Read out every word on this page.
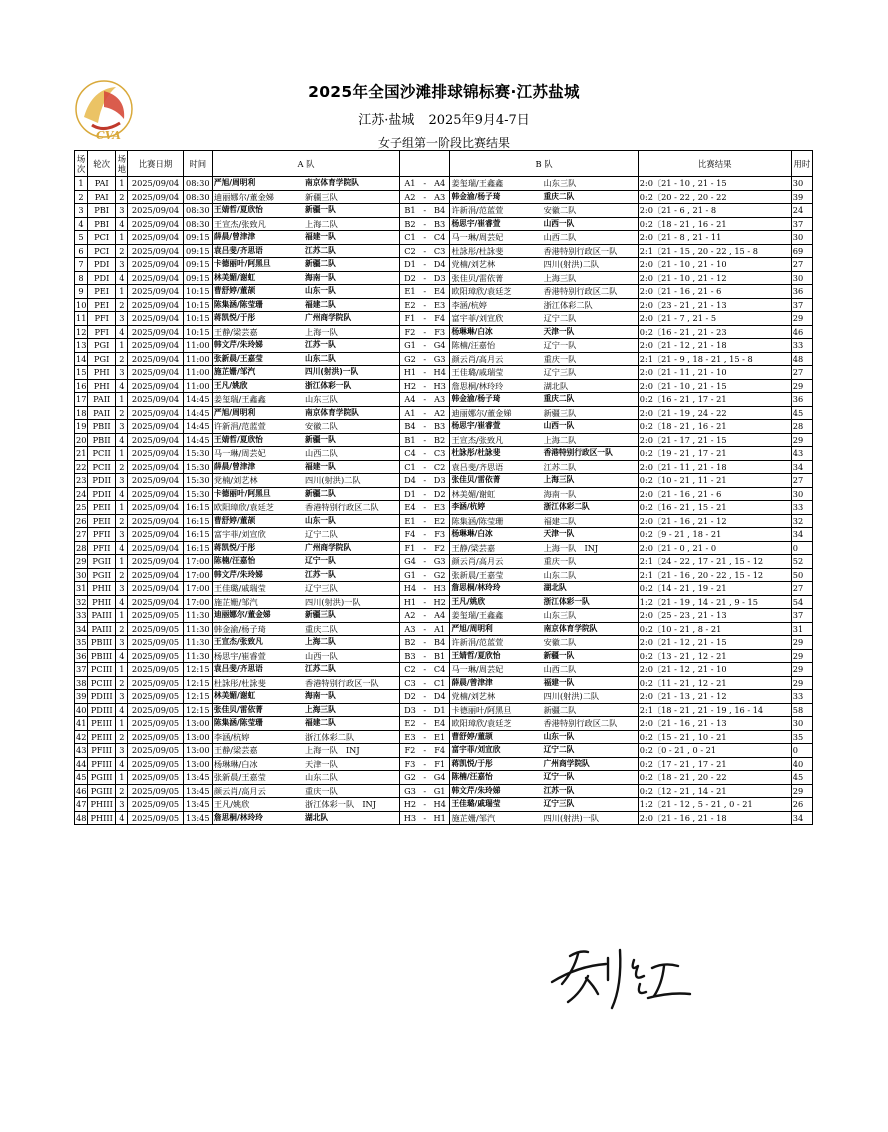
CVA
2025年全国沙滩排球锦标赛·江苏盐城
江苏·盐城 2025年9月4-7日
女子组第一阶段比赛结果
场次	轮次	场地	比赛日期	时间	A 队					B 队		比赛结果	用时
1	PAI	1	2025/09/04	08:30	严旭/周明利	南京体育学院队	A1	-	A4	姜玺瑞/王鑫鑫	山东三队	2:0〔21 - 10 , 21 - 15	30
2	PAI	2	2025/09/04	08:30	迪丽娜尔/董金娣	新疆三队	A2	-	A3	韩金渝/杨子琦	重庆二队	0:2〔20 - 22 , 20 - 22	39
3	PBI	3	2025/09/04	08:30	王婧哲/夏欣怡	新疆一队	B1	-	B4	许新涓/范蓝萱	安徽二队	2:0〔21 - 6 , 21 - 8	24
4	PBI	4	2025/09/04	08:30	王宣杰/张致凡	上海二队	B2	-	B3	杨思宇/崔睿萱	山西一队	0:2〔18 - 21 , 16 - 21	37
5	PCI	1	2025/09/04	09:15	薛晨/曾津津	福建一队	C1	-	C4	马一琳/周芸妃	山西二队	2:0〔21 - 8 , 21 - 11	30
6	PCI	2	2025/09/04	09:15	袁吕斐/齐思语	江苏二队	C2	-	C3	杜詠彤/杜詠斐	香港特别行政区一队	2:1〔21 - 15 , 20 - 22 , 15 - 8	69
7	PDI	3	2025/09/04	09:15	卡德丽叶/阿黑旦	新疆二队	D1	-	D4	党楠/刘艺林	四川(射洪)二队	2:0〔21 - 10 , 21 - 10	27
8	PDI	4	2025/09/04	09:15	林美媚/谢虹	海南一队	D2	-	D3	张佳贝/雷依菁	上海三队	2:0〔21 - 10 , 21 - 12	30
9	PEI	1	2025/09/04	10:15	曹舒婷/董颉	山东一队	E1	-	E4	欧阳璋欣/袁廷芝	香港特别行政区二队	2:0〔21 - 16 , 21 - 6	36
10	PEI	2	2025/09/04	10:15	陈集涵/陈莹珊	福建二队	E2	-	E3	李涵/杭婷	浙江体彩二队	2:0〔23 - 21 , 21 - 13	37
11	PFI	3	2025/09/04	10:15	蒋凯悦/于彤	广州商学院队	F1	-	F4	富宇菲/刘宣欣	辽宁二队	2:0〔21 - 7 , 21 - 5	29
12	PFI	4	2025/09/04	10:15	王静/梁芸嘉	上海一队	F2	-	F3	杨琳琳/白冰	天津一队	0:2〔16 - 21 , 21 - 23	46
13	PGI	1	2025/09/04	11:00	韩文芹/朱玲娣	江苏一队	G1	-	G4	陈楠/汪嘉怡	辽宁一队	2:0〔21 - 12 , 21 - 18	33
14	PGI	2	2025/09/04	11:00	张新晨/王嘉莹	山东二队	G2	-	G3	颜云肖/高月云	重庆一队	2:1〔21 - 9 , 18 - 21 , 15 - 8	48
15	PHI	3	2025/09/04	11:00	施芷姗/邹汽	四川(射洪)一队	H1	-	H4	王佳璐/戚瑞莹	辽宁三队	2:0〔21 - 11 , 21 - 10	27
16	PHI	4	2025/09/04	11:00	王凡/姚欣	浙江体彩一队	H2	-	H3	詹思桐/林玲玲	湖北队	2:0〔21 - 10 , 21 - 15	29
17	PAII	1	2025/09/04	14:45	姜玺瑞/王鑫鑫	山东三队	A4	-	A3	韩金渝/杨子琦	重庆二队	0:2〔16 - 21 , 17 - 21	36
18	PAII	2	2025/09/04	14:45	严旭/周明利	南京体育学院队	A1	-	A2	迪丽娜尔/董金娣	新疆三队	2:0〔21 - 19 , 24 - 22	45
19	PBII	3	2025/09/04	14:45	许新涓/范蓝萱	安徽二队	B4	-	B3	杨思宇/崔睿萱	山西一队	0:2〔18 - 21 , 16 - 21	28
20	PBII	4	2025/09/04	14:45	王婧哲/夏欣怡	新疆一队	B1	-	B2	王宣杰/张致凡	上海二队	2:0〔21 - 17 , 21 - 15	29
21	PCII	1	2025/09/04	15:30	马一琳/周芸妃	山西二队	C4	-	C3	杜詠彤/杜詠斐	香港特别行政区一队	0:2〔19 - 21 , 17 - 21	43
22	PCII	2	2025/09/04	15:30	薛晨/曾津津	福建一队	C1	-	C2	袁吕斐/齐思语	江苏二队	2:0〔21 - 11 , 21 - 18	34
23	PDII	3	2025/09/04	15:30	党楠/刘艺林	四川(射洪)二队	D4	-	D3	张佳贝/雷依菁	上海三队	0:2〔10 - 21 , 11 - 21	27
24	PDII	4	2025/09/04	15:30	卡德丽叶/阿黑旦	新疆二队	D1	-	D2	林美媚/谢虹	海南一队	2:0〔21 - 16 , 21 - 6	30
25	PEII	1	2025/09/04	16:15	欧阳璋欣/袁廷芝	香港特别行政区二队	E4	-	E3	李涵/杭婷	浙江体彩二队	0:2〔16 - 21 , 15 - 21	33
26	PEII	2	2025/09/04	16:15	曹舒婷/董颉	山东一队	E1	-	E2	陈集涵/陈莹珊	福建二队	2:0〔21 - 16 , 21 - 12	32
27	PFII	3	2025/09/04	16:15	富宇菲/刘宣欣	辽宁二队	F4	-	F3	杨琳琳/白冰	天津一队	0:2〔9 - 21 , 18 - 21	34
28	PFII	4	2025/09/04	16:15	蒋凯悦/于彤	广州商学院队	F1	-	F2	王静/梁芸嘉	上海一队　INJ	2:0〔21 - 0 , 21 - 0	0
29	PGII	1	2025/09/04	17:00	陈楠/汪嘉怡	辽宁一队	G4	-	G3	颜云肖/高月云	重庆一队	2:1〔24 - 22 , 17 - 21 , 15 - 12	52
30	PGII	2	2025/09/04	17:00	韩文芹/朱玲娣	江苏一队	G1	-	G2	张新晨/王嘉莹	山东二队	2:1〔21 - 16 , 20 - 22 , 15 - 12	50
31	PHII	3	2025/09/04	17:00	王佳璐/戚瑞莹	辽宁三队	H4	-	H3	詹思桐/林玲玲	湖北队	0:2〔14 - 21 , 19 - 21	27
32	PHII	4	2025/09/04	17:00	施芷姗/邹汽	四川(射洪)一队	H1	-	H2	王凡/姚欣	浙江体彩一队	1:2〔21 - 19 , 14 - 21 , 9 - 15	54
33	PAIII	1	2025/09/05	11:30	迪丽娜尔/董金娣	新疆三队	A2	-	A4	姜玺瑞/王鑫鑫	山东三队	2:0〔25 - 23 , 21 - 13	37
34	PAIII	2	2025/09/05	11:30	韩金渝/杨子琦	重庆二队	A3	-	A1	严旭/周明利	南京体育学院队	0:2〔10 - 21 , 8 - 21	31
35	PBIII	3	2025/09/05	11:30	王宣杰/张致凡	上海二队	B2	-	B4	许新涓/范蓝萱	安徽二队	2:0〔21 - 12 , 21 - 15	29
36	PBIII	4	2025/09/05	11:30	杨思宇/崔睿萱	山西一队	B3	-	B1	王婧哲/夏欣怡	新疆一队	0:2〔13 - 21 , 12 - 21	29
37	PCIII	1	2025/09/05	12:15	袁吕斐/齐思语	江苏二队	C2	-	C4	马一琳/周芸妃	山西二队	2:0〔21 - 12 , 21 - 10	29
38	PCIII	2	2025/09/05	12:15	杜詠彤/杜詠斐	香港特别行政区一队	C3	-	C1	薛晨/曾津津	福建一队	0:2〔11 - 21 , 12 - 21	29
39	PDIII	3	2025/09/05	12:15	林美媚/谢虹	海南一队	D2	-	D4	党楠/刘艺林	四川(射洪)二队	2:0〔21 - 13 , 21 - 12	33
40	PDIII	4	2025/09/05	12:15	张佳贝/雷依菁	上海三队	D3	-	D1	卡德丽叶/阿黑旦	新疆二队	2:1〔18 - 21 , 21 - 19 , 16 - 14	58
41	PEIII	1	2025/09/05	13:00	陈集涵/陈莹珊	福建二队	E2	-	E4	欧阳璋欣/袁廷芝	香港特别行政区二队	2:0〔21 - 16 , 21 - 13	30
42	PEIII	2	2025/09/05	13:00	李涵/杭婷	浙江体彩二队	E3	-	E1	曹舒婷/董颉	山东一队	0:2〔15 - 21 , 10 - 21	35
43	PFIII	3	2025/09/05	13:00	王静/梁芸嘉	上海一队　INJ	F2	-	F4	富宇菲/刘宣欣	辽宁二队	0:2〔0 - 21 , 0 - 21	0
44	PFIII	4	2025/09/05	13:00	杨琳琳/白冰	天津一队	F3	-	F1	蒋凯悦/于彤	广州商学院队	0:2〔17 - 21 , 17 - 21	40
45	PGIII	1	2025/09/05	13:45	张新晨/王嘉莹	山东二队	G2	-	G4	陈楠/汪嘉怡	辽宁一队	0:2〔18 - 21 , 20 - 22	45
46	PGIII	2	2025/09/05	13:45	颜云肖/高月云	重庆一队	G3	-	G1	韩文芹/朱玲娣	江苏一队	0:2〔12 - 21 , 14 - 21	29
47	PHIII	3	2025/09/05	13:45	王凡/姚欣	浙江体彩一队　INJ	H2	-	H4	王佳璐/戚瑞莹	辽宁三队	1:2〔21 - 12 , 5 - 21 , 0 - 21	26
48	PHIII	4	2025/09/05	13:45	詹思桐/林玲玲	湖北队	H3	-	H1	施芷姗/邹汽	四川(射洪)一队	2:0〔21 - 16 , 21 - 18	34
